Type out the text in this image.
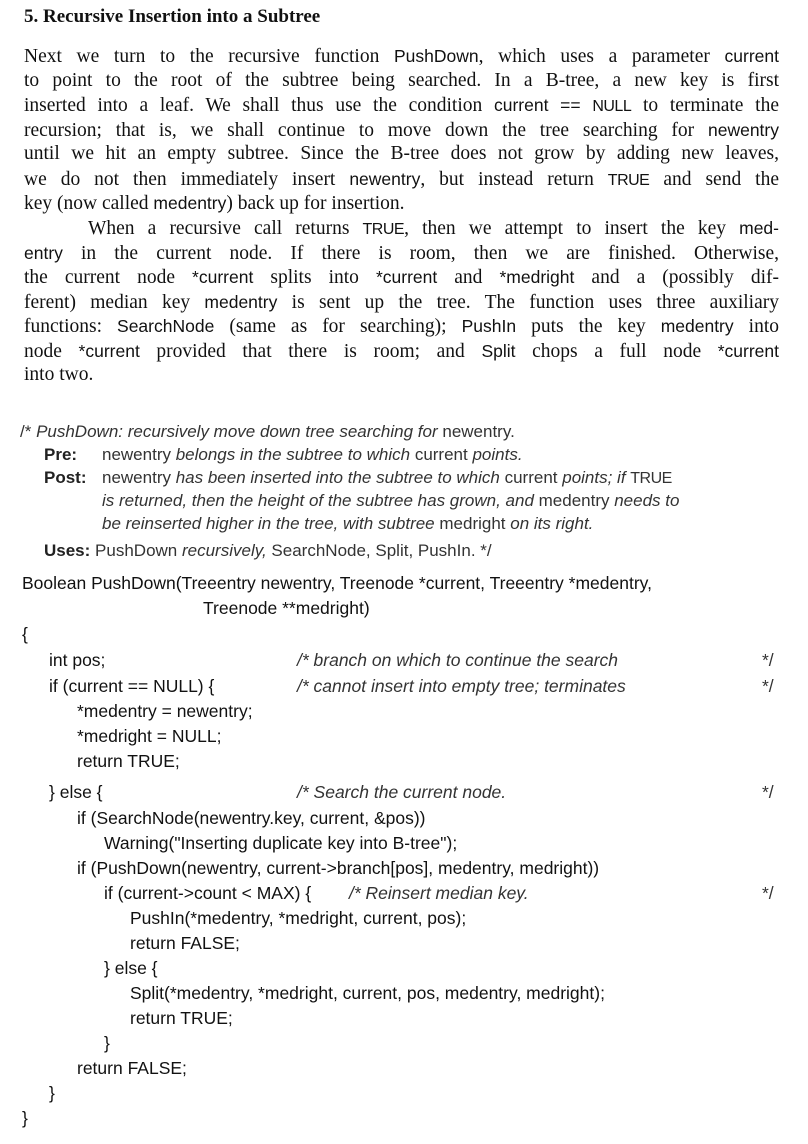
5. Recursive Insertion into a Subtree
Next we turn to the recursive function PushDown, which uses a parameter current
to point to the root of the subtree being searched. In a B-tree, a new key is first
inserted into a leaf. We shall thus use the condition current == NULL to terminate the
recursion; that is, we shall continue to move down the tree searching for newentry
until we hit an empty subtree. Since the B-tree does not grow by adding new leaves,
we do not then immediately insert newentry, but instead return TRUE and send the
key (now called medentry) back up for insertion.
When a recursive call returns TRUE, then we attempt to insert the key med-
entry in the current node. If there is room, then we are finished. Otherwise,
the current node *current splits into *current and *medright and a (possibly dif-
ferent) median key medentry is sent up the tree. The function uses three auxiliary
functions: SearchNode (same as for searching); PushIn puts the key medentry into
node *current provided that there is room; and Split chops a full node *current
into two.
/* PushDown: recursively move down tree searching for newentry.
Pre: newentry belongs in the subtree to which current points.
Post: newentry has been inserted into the subtree to which current points; if TRUE
is returned, then the height of the subtree has grown, and medentry needs to
be reinserted higher in the tree, with subtree medright on its right.
Uses: PushDown recursively, SearchNode, Split, PushIn. */
Boolean PushDown(Treeentry newentry, Treenode *current, Treeentry *medentry,
Treenode **medright)
{
int pos;	/* branch on which to continue the search	*/
if (current == NULL) {	/* cannot insert into empty tree; terminates	*/
*medentry = newentry;
*medright = NULL;
return TRUE;
} else {	/* Search the current node.	*/
if (SearchNode(newentry.key, current, &pos))
Warning("Inserting duplicate key into B-tree");
if (PushDown(newentry, current->branch[pos], medentry, medright))
if (current->count < MAX) { /* Reinsert median key.	*/
PushIn(*medentry, *medright, current, pos);
return FALSE;
} else {
Split(*medentry, *medright, current, pos, medentry, medright);
return TRUE;
}
return FALSE;
}
}
